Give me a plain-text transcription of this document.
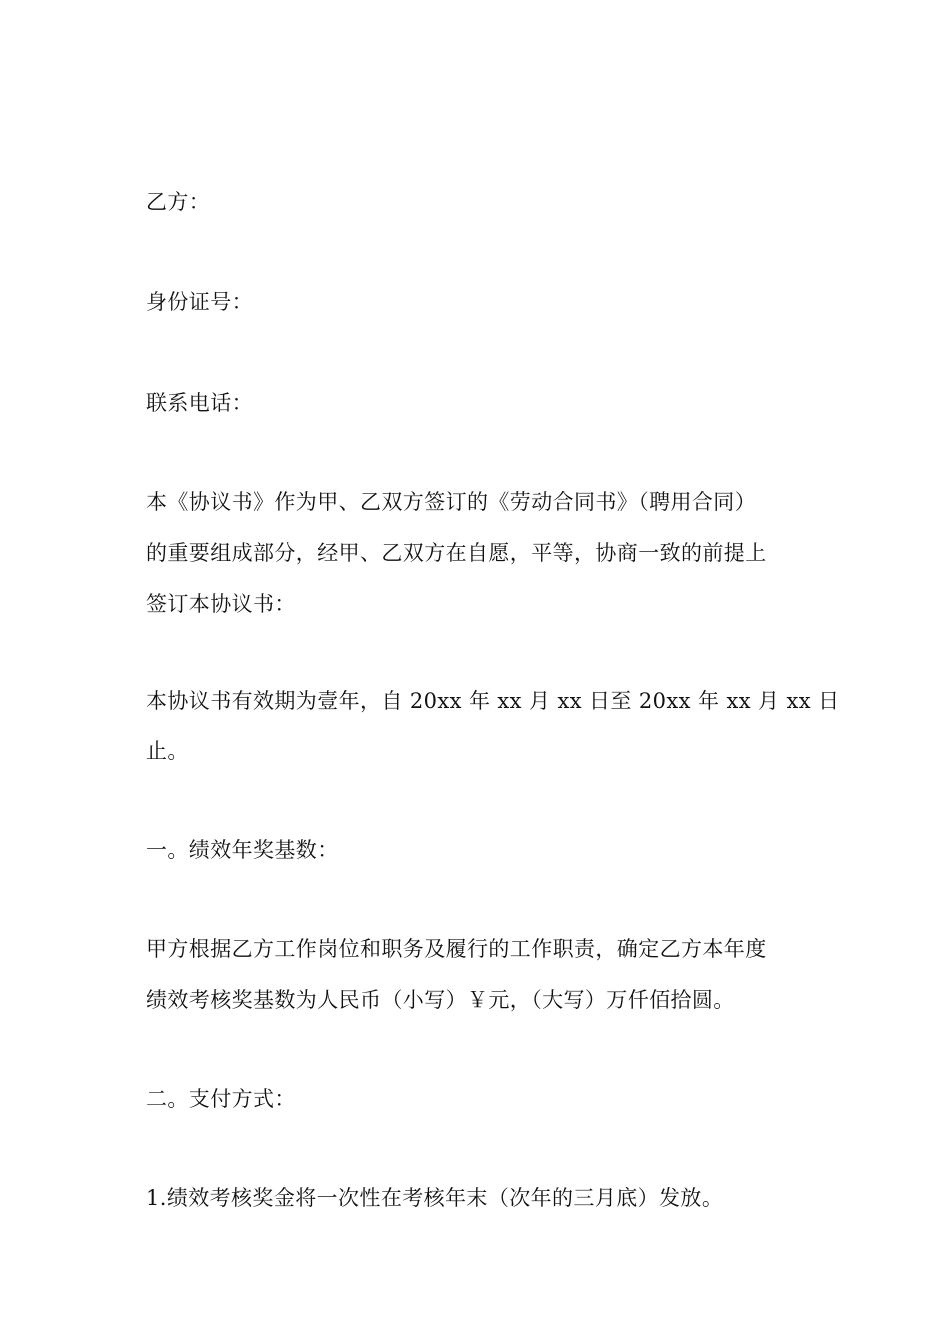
乙方：
身份证号：
联系电话：
本《协议书》作为甲、乙双方签订的《劳动合同书》（聘用合同）
的重要组成部分，经甲、乙双方在自愿，平等，协商一致的前提上
签订本协议书：
本协议书有效期为壹年，自 20xx 年 xx 月 xx 日至 20xx 年 xx 月 xx 日
止。
一。绩效年奖基数：
甲方根据乙方工作岗位和职务及履行的工作职责，确定乙方本年度
绩效考核奖基数为人民币（小写）￥元，（大写）万仟佰拾圆。
二。支付方式：
1.绩效考核奖金将一次性在考核年末（次年的三月底）发放。
